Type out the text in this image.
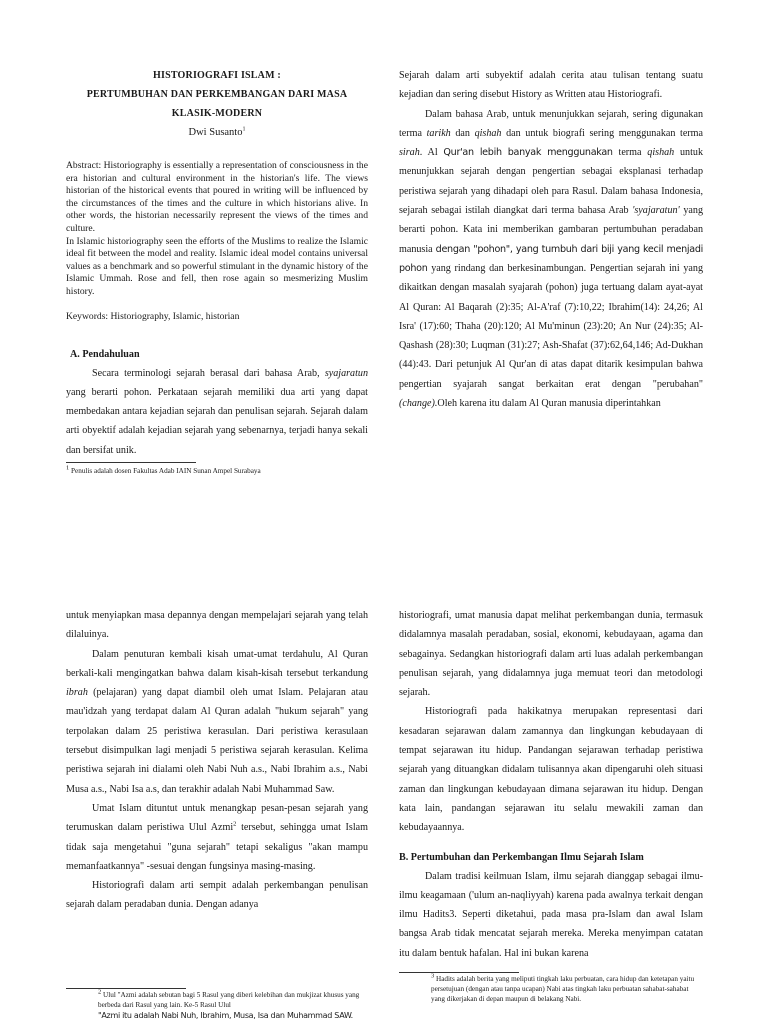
HISTORIOGRAFI ISLAM :
PERTUMBUHAN DAN PERKEMBANGAN DARI MASA
KLASIK-MODERN
Dwi Susanto$^1$
Abstract: Historiography is essentially a representation of consciousness in the era historian and cultural environment in the historian's life. The views historian of the historical events that poured in writing will be influenced by the circumstances of the times and the culture in which historians alive. In other words, the historian necessarily represent the views of the times and culture.
In Islamic historiography seen the efforts of the Muslims to realize the Islamic ideal fit between the model and reality. Islamic ideal model contains universal values as a benchmark and so powerful stimulant in the dynamic history of the Islamic Ummah. Rose and fell, then rose again so mesmerizing Muslim history.
Keywords: Historiography, Islamic, historian
A. Pendahuluan

Secara terminologi sejarah berasal dari bahasa Arab, syajaratun yang berarti pohon. Perkataan sejarah memiliki dua arti yang dapat membedakan antara kejadian sejarah dan penulisan sejarah. Sejarah dalam arti obyektif adalah kejadian sejarah yang sebenarnya, terjadi hanya sekali dan bersifat unik.

$^1$ Penulis adalah dosen Fakultas Adab IAIN Sunan Ampel Surabaya

Sejarah dalam arti subyektif adalah cerita atau tulisan tentang suatu kejadian dan sering disebut History as Written atau Historiografi.

Dalam bahasa Arab, untuk menunjukkan sejarah, sering digunakan terma tarikh dan qishah dan untuk biografi sering menggunakan terma sirah. Al Qur'an lebih banyak menggunakan terma qishah untuk menunjukkan sejarah dengan pengertian sebagai eksplanasi terhadap peristiwa sejarah yang dihadapi oleh para Rasul. Dalam bahasa Indonesia, sejarah sebagai istilah diangkat dari terma bahasa Arab 'syajaratun' yang berarti pohon. Kata ini memberikan gambaran pertumbuhan peradaban manusia dengan "pohon", yang tumbuh dari biji yang kecil menjadi pohon yang rindang dan berkesinambungan. Pengertian sejarah ini yang dikaitkan dengan masalah syajarah (pohon) juga tertuang dalam ayat-ayat Al Quran: Al Baqarah (2):35; Al-A'raf (7):10,22; Ibrahim(14): 24,26; Al Isra' (17):60; Thaha (20):120; Al Mu'minun (23):20; An Nur (24):35; Al-Qashash (28):30; Luqman (31):27; Ash-Shafat (37):62,64,146; Ad-Dukhan (44):43. Dari petunjuk Al Qur'an di atas dapat ditarik kesimpulan bahwa pengertian syajarah sangat berkaitan erat dengan "perubahan" (change).Oleh karena itu dalam Al Quran manusia diperintahkan

untuk menyiapkan masa depannya dengan mempelajari sejarah yang telah dilaluinya.

Dalam penuturan kembali kisah umat-umat terdahulu, Al Quran berkali-kali mengingatkan bahwa dalam kisah-kisah tersebut terkandung ibrah (pelajaran) yang dapat diambil oleh umat Islam. Pelajaran atau mau'idzah yang terdapat dalam Al Quran adalah "hukum sejarah" yang terpolakan dalam 25 peristiwa kerasulan. Dari peristiwa kerasulaan tersebut disimpulkan lagi menjadi 5 peristiwa sejarah kerasulan. Kelima peristiwa sejarah ini dialami oleh Nabi Nuh a.s., Nabi Ibrahim a.s., Nabi Musa a.s., Nabi Isa a.s, dan terakhir adalah Nabi Muhammad Saw.

Umat Islam dituntut untuk menangkap pesan-pesan sejarah yang terumuskan dalam peristiwa Ulul Azmi$^2$ tersebut, sehingga umat Islam tidak saja mengetahui "guna sejarah" tetapi sekaligus "akan mampu memanfaatkannya" -sesuai dengan fungsinya masing-masing.

Historiografi dalam arti sempit adalah perkembangan penulisan sejarah dalam peradaban dunia. Dengan adanya

$^2$ Ulul "Azmi adalah sebutan bagi 5 Rasul yang diberi kelebihan dan mukjizat khusus yang berbeda dari Rasul yang lain. Ke-5 Rasul Ulul
"Azmi itu adalah Nabi Nuh, Ibrahim, Musa, Isa dan Muhammad SAW.

historiografi, umat manusia dapat melihat perkembangan dunia, termasuk didalamnya masalah peradaban, sosial, ekonomi, kebudayaan, agama dan sebagainya. Sedangkan historiografi dalam arti luas adalah perkembangan penulisan sejarah, yang didalamnya juga memuat teori dan metodologi sejarah.

Historiografi pada hakikatnya merupakan representasi dari kesadaran sejarawan dalam zamannya dan lingkungan kebudayaan di tempat sejarawan itu hidup. Pandangan sejarawan terhadap peristiwa sejarah yang dituangkan didalam tulisannya akan dipengaruhi oleh situasi zaman dan lingkungan kebudayaan dimana sejarawan itu hidup. Dengan kata lain, pandangan sejarawan itu selalu mewakili zaman dan kebudayaannya.

B. Pertumbuhan dan Perkembangan Ilmu Sejarah Islam

Dalam tradisi keilmuan Islam, ilmu sejarah dianggap sebagai ilmu-ilmu keagamaan ('ulum an-naqliyyah) karena pada awalnya terkait dengan ilmu Hadits3. Seperti diketahui, pada masa pra-Islam dan awal Islam bangsa Arab tidak mencatat sejarah mereka. Mereka menyimpan catatan itu dalam bentuk hafalan. Hal ini bukan karena

$^3$ Hadits adalah berita yang meliputi tingkah laku perbuatan, cara hidup dan ketetapan yaitu persetujuan (dengan atau tanpa ucapan) Nabi atas tingkah laku perbuatan sahabat-sahabat yang dikerjakan di depan maupun di belakang Nabi.
